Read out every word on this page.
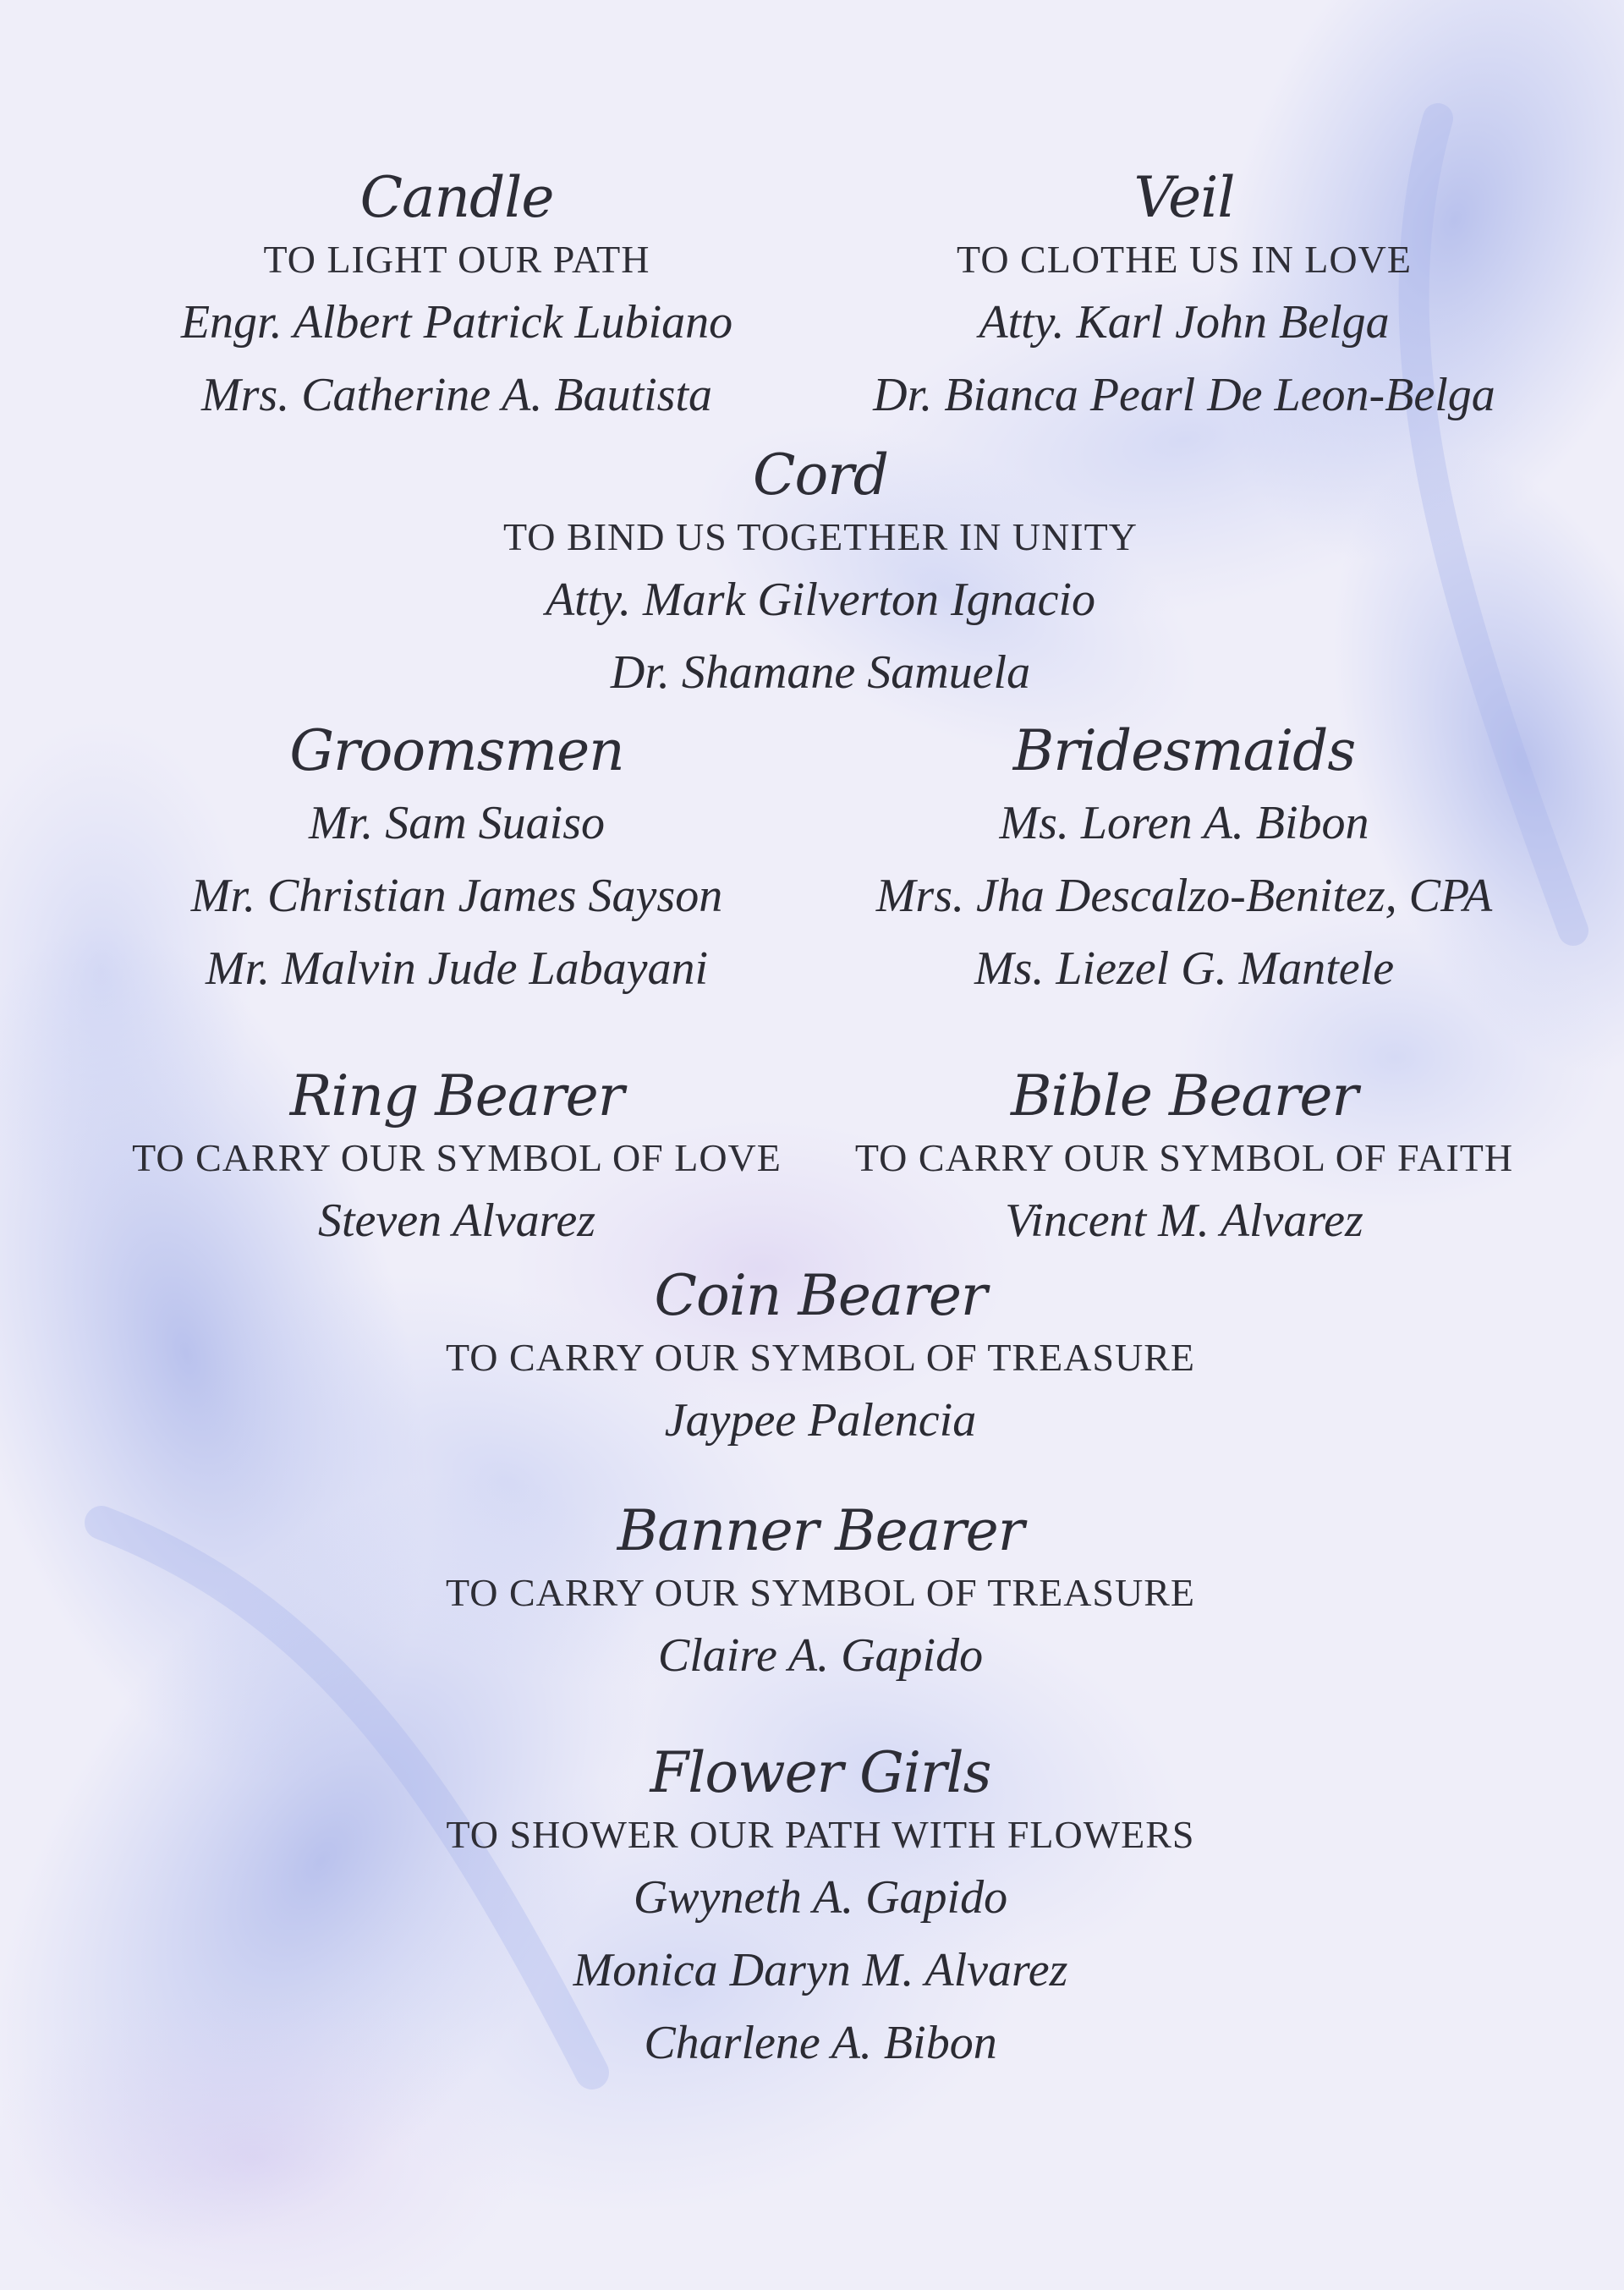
Candle
TO LIGHT OUR PATH
Engr. Albert Patrick Lubiano
Mrs. Catherine A. Bautista
Veil
TO CLOTHE US IN LOVE
Atty. Karl John Belga
Dr. Bianca Pearl De Leon-Belga
Cord
TO BIND US TOGETHER IN UNITY
Atty. Mark Gilverton Ignacio
Dr. Shamane Samuela
Groomsmen
Mr. Sam Suaiso
Mr. Christian James Sayson
Mr. Malvin Jude Labayani
Bridesmaids
Ms. Loren A. Bibon
Mrs. Jha Descalzo-Benitez, CPA
Ms. Liezel G. Mantele
Ring Bearer
TO CARRY OUR SYMBOL OF LOVE
Steven Alvarez
Bible Bearer
TO CARRY OUR SYMBOL OF FAITH
Vincent M. Alvarez
Coin Bearer
TO CARRY OUR SYMBOL OF TREASURE
Jaypee Palencia
Banner Bearer
TO CARRY OUR SYMBOL OF TREASURE
Claire A. Gapido
Flower Girls
TO SHOWER OUR PATH WITH FLOWERS
Gwyneth A. Gapido
Monica Daryn M. Alvarez
Charlene A. Bibon
